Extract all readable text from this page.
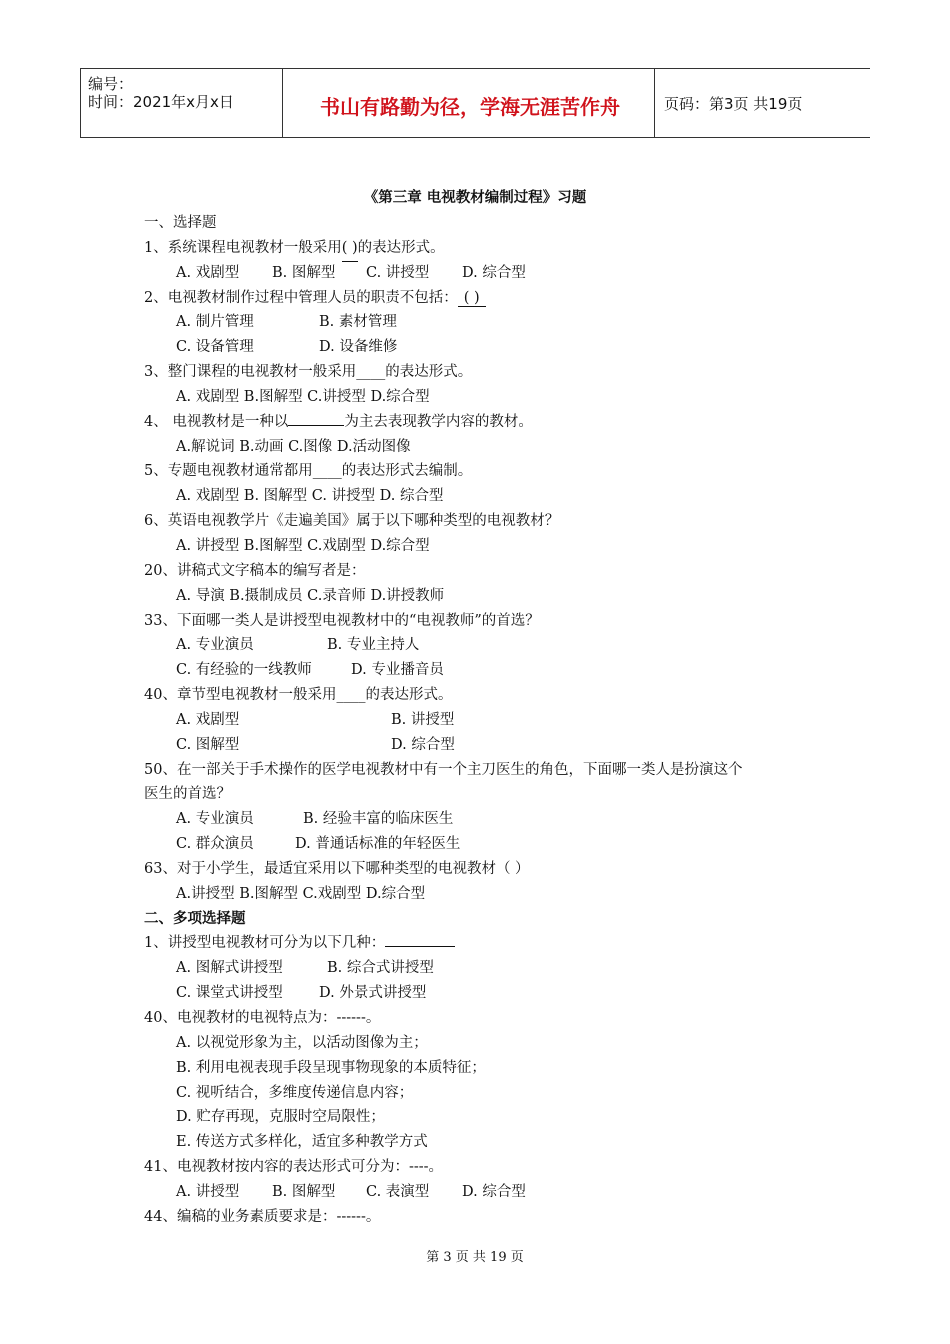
编号：
时间：2021年x月x日	书山有路勤为径，学海无涯苦作舟	页码：第3页 共19页
《第三章 电视教材编制过程》习题
一、选择题
1、系统课程电视教材一般采用( )的表达形式。
A. 戏剧型 B. 图解型 C. 讲授型 D. 综合型
2、电视教材制作过程中管理人员的职责不包括： ( )
A. 制片管理	B. 素材管理
C. 设备管理	D. 设备维修
3、整门课程的电视教材一般采用____的表达形式。
A. 戏剧型 B.图解型 C.讲授型 D.综合型
4、 电视教材是一种以	为主去表现教学内容的教材。
A.解说词 B.动画 C.图像 D.活动图像
5、专题电视教材通常都用____的表达形式去编制。
A. 戏剧型 B. 图解型 C. 讲授型 D. 综合型
6、英语电视教学片《走遍美国》属于以下哪种类型的电视教材？
A. 讲授型 B.图解型 C.戏剧型 D.综合型
20、讲稿式文字稿本的编写者是：
A. 导演 B.摄制成员 C.录音师 D.讲授教师
33、下面哪一类人是讲授型电视教材中的“电视教师”的首选？
A. 专业演员	B. 专业主持人
C. 有经验的一线教师	D. 专业播音员
40、章节型电视教材一般采用____的表达形式。
A. 戏剧型	B. 讲授型
C. 图解型	D. 综合型
50、在一部关于手术操作的医学电视教材中有一个主刀医生的角色，下面哪一类人是扮演这个
医生的首选？
A. 专业演员	B. 经验丰富的临床医生
C. 群众演员	D. 普通话标准的年轻医生
63、对于小学生，最适宜采用以下哪种类型的电视教材（ ）
A.讲授型 B.图解型 C.戏剧型 D.综合型
二、多项选择题
1、讲授型电视教材可分为以下几种：
A. 图解式讲授型	B. 综合式讲授型
C. 课堂式讲授型 D. 外景式讲授型
40、电视教材的电视特点为：------。
A. 以视觉形象为主，以活动图像为主；
B. 利用电视表现手段呈现事物现象的本质特征；
C. 视听结合，多维度传递信息内容；
D. 贮存再现，克服时空局限性；
E. 传送方式多样化，适宜多种教学方式
41、电视教材按内容的表达形式可分为：----。
A. 讲授型 B. 图解型 C. 表演型 D. 综合型
44、编稿的业务素质要求是：------。
第 3 页 共 19 页
